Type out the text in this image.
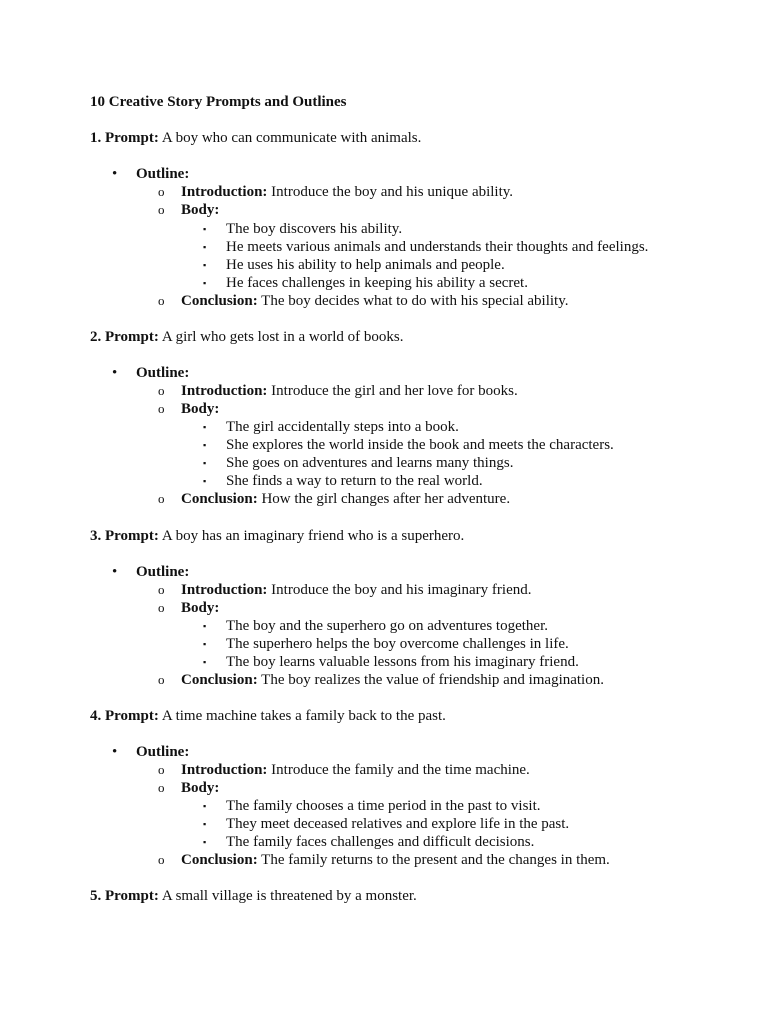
10 Creative Story Prompts and Outlines
1. Prompt: A boy who can communicate with animals.
• Outline:
o Introduction: Introduce the boy and his unique ability.
o Body:
▪ The boy discovers his ability.
▪ He meets various animals and understands their thoughts and feelings.
▪ He uses his ability to help animals and people.
▪ He faces challenges in keeping his ability a secret.
o Conclusion: The boy decides what to do with his special ability.
2. Prompt: A girl who gets lost in a world of books.
• Outline:
o Introduction: Introduce the girl and her love for books.
o Body:
▪ The girl accidentally steps into a book.
▪ She explores the world inside the book and meets the characters.
▪ She goes on adventures and learns many things.
▪ She finds a way to return to the real world.
o Conclusion: How the girl changes after her adventure.
3. Prompt: A boy has an imaginary friend who is a superhero.
• Outline:
o Introduction: Introduce the boy and his imaginary friend.
o Body:
▪ The boy and the superhero go on adventures together.
▪ The superhero helps the boy overcome challenges in life.
▪ The boy learns valuable lessons from his imaginary friend.
o Conclusion: The boy realizes the value of friendship and imagination.
4. Prompt: A time machine takes a family back to the past.
• Outline:
o Introduction: Introduce the family and the time machine.
o Body:
▪ The family chooses a time period in the past to visit.
▪ They meet deceased relatives and explore life in the past.
▪ The family faces challenges and difficult decisions.
o Conclusion: The family returns to the present and the changes in them.
5. Prompt: A small village is threatened by a monster.
